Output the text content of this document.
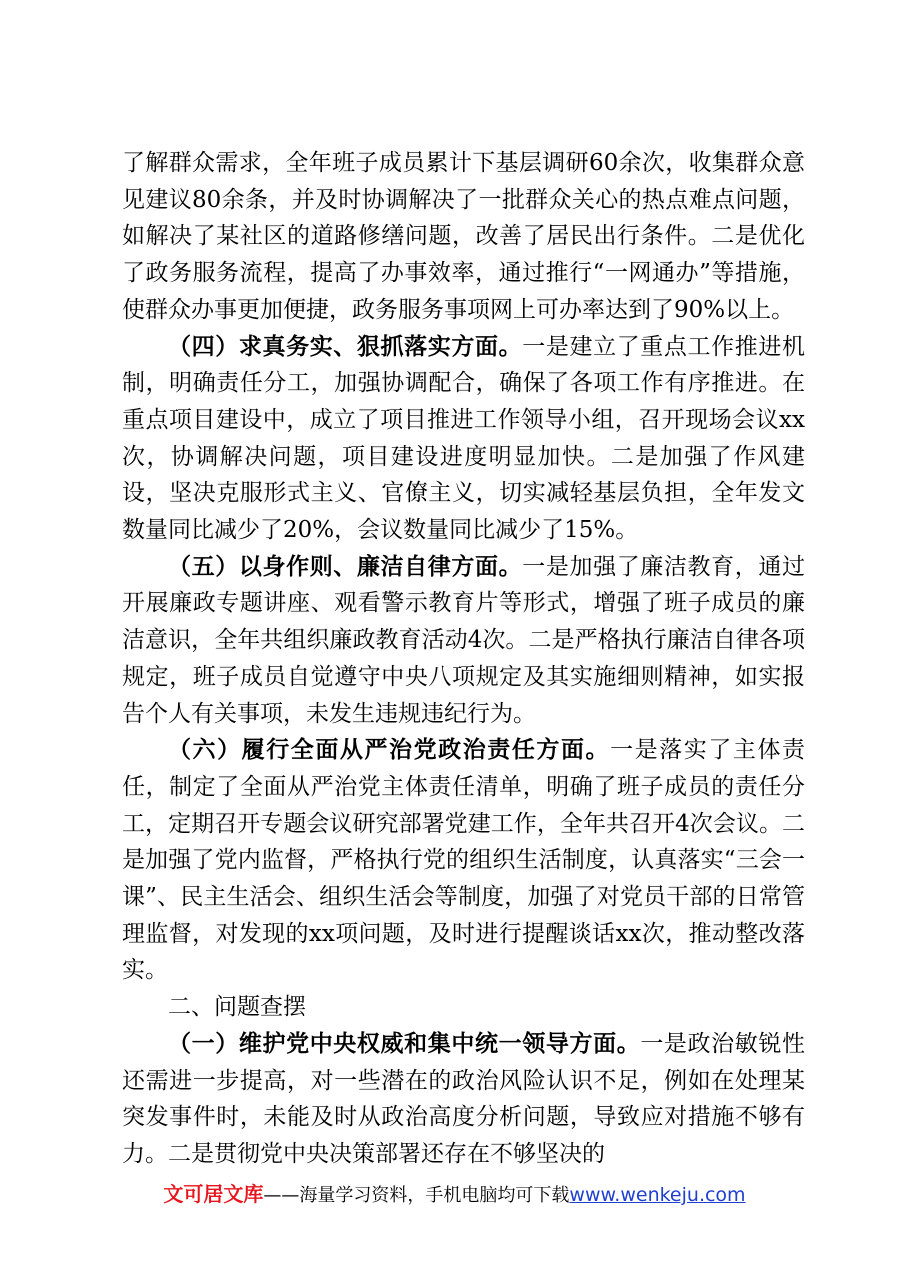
了解群众需求，全年班子成员累计下基层调研60余次，收集群众意见建议80余条，并及时协调解决了一批群众关心的热点难点问题，如解决了某社区的道路修缮问题，改善了居民出行条件。二是优化了政务服务流程，提高了办事效率，通过推行“一网通办”等措施，使群众办事更加便捷，政务服务事项网上可办率达到了90%以上。

（四）求真务实、狠抓落实方面。一是建立了重点工作推进机制，明确责任分工，加强协调配合，确保了各项工作有序推进。在重点项目建设中，成立了项目推进工作领导小组，召开现场会议xx次，协调解决问题，项目建设进度明显加快。二是加强了作风建设，坚决克服形式主义、官僚主义，切实减轻基层负担，全年发文数量同比减少了20%，会议数量同比减少了15%。

（五）以身作则、廉洁自律方面。一是加强了廉洁教育，通过开展廉政专题讲座、观看警示教育片等形式，增强了班子成员的廉洁意识，全年共组织廉政教育活动4次。二是严格执行廉洁自律各项规定，班子成员自觉遵守中央八项规定及其实施细则精神，如实报告个人有关事项，未发生违规违纪行为。

（六）履行全面从严治党政治责任方面。一是落实了主体责任，制定了全面从严治党主体责任清单，明确了班子成员的责任分工，定期召开专题会议研究部署党建工作，全年共召开4次会议。二是加强了党内监督，严格执行党的组织生活制度，认真落实“三会一课”、民主生活会、组织生活会等制度，加强了对党员干部的日常管理监督，对发现的xx项问题，及时进行提醒谈话xx次，推动整改落实。

二、问题查摆

（一）维护党中央权威和集中统一领导方面。一是政治敏锐性还需进一步提高，对一些潜在的政治风险认识不足，例如在处理某突发事件时，未能及时从政治高度分析问题，导致应对措施不够有力。二是贯彻党中央决策部署还存在不够坚决的

文可居文库——海量学习资料，手机电脑均可下载www.wenkeju.com
